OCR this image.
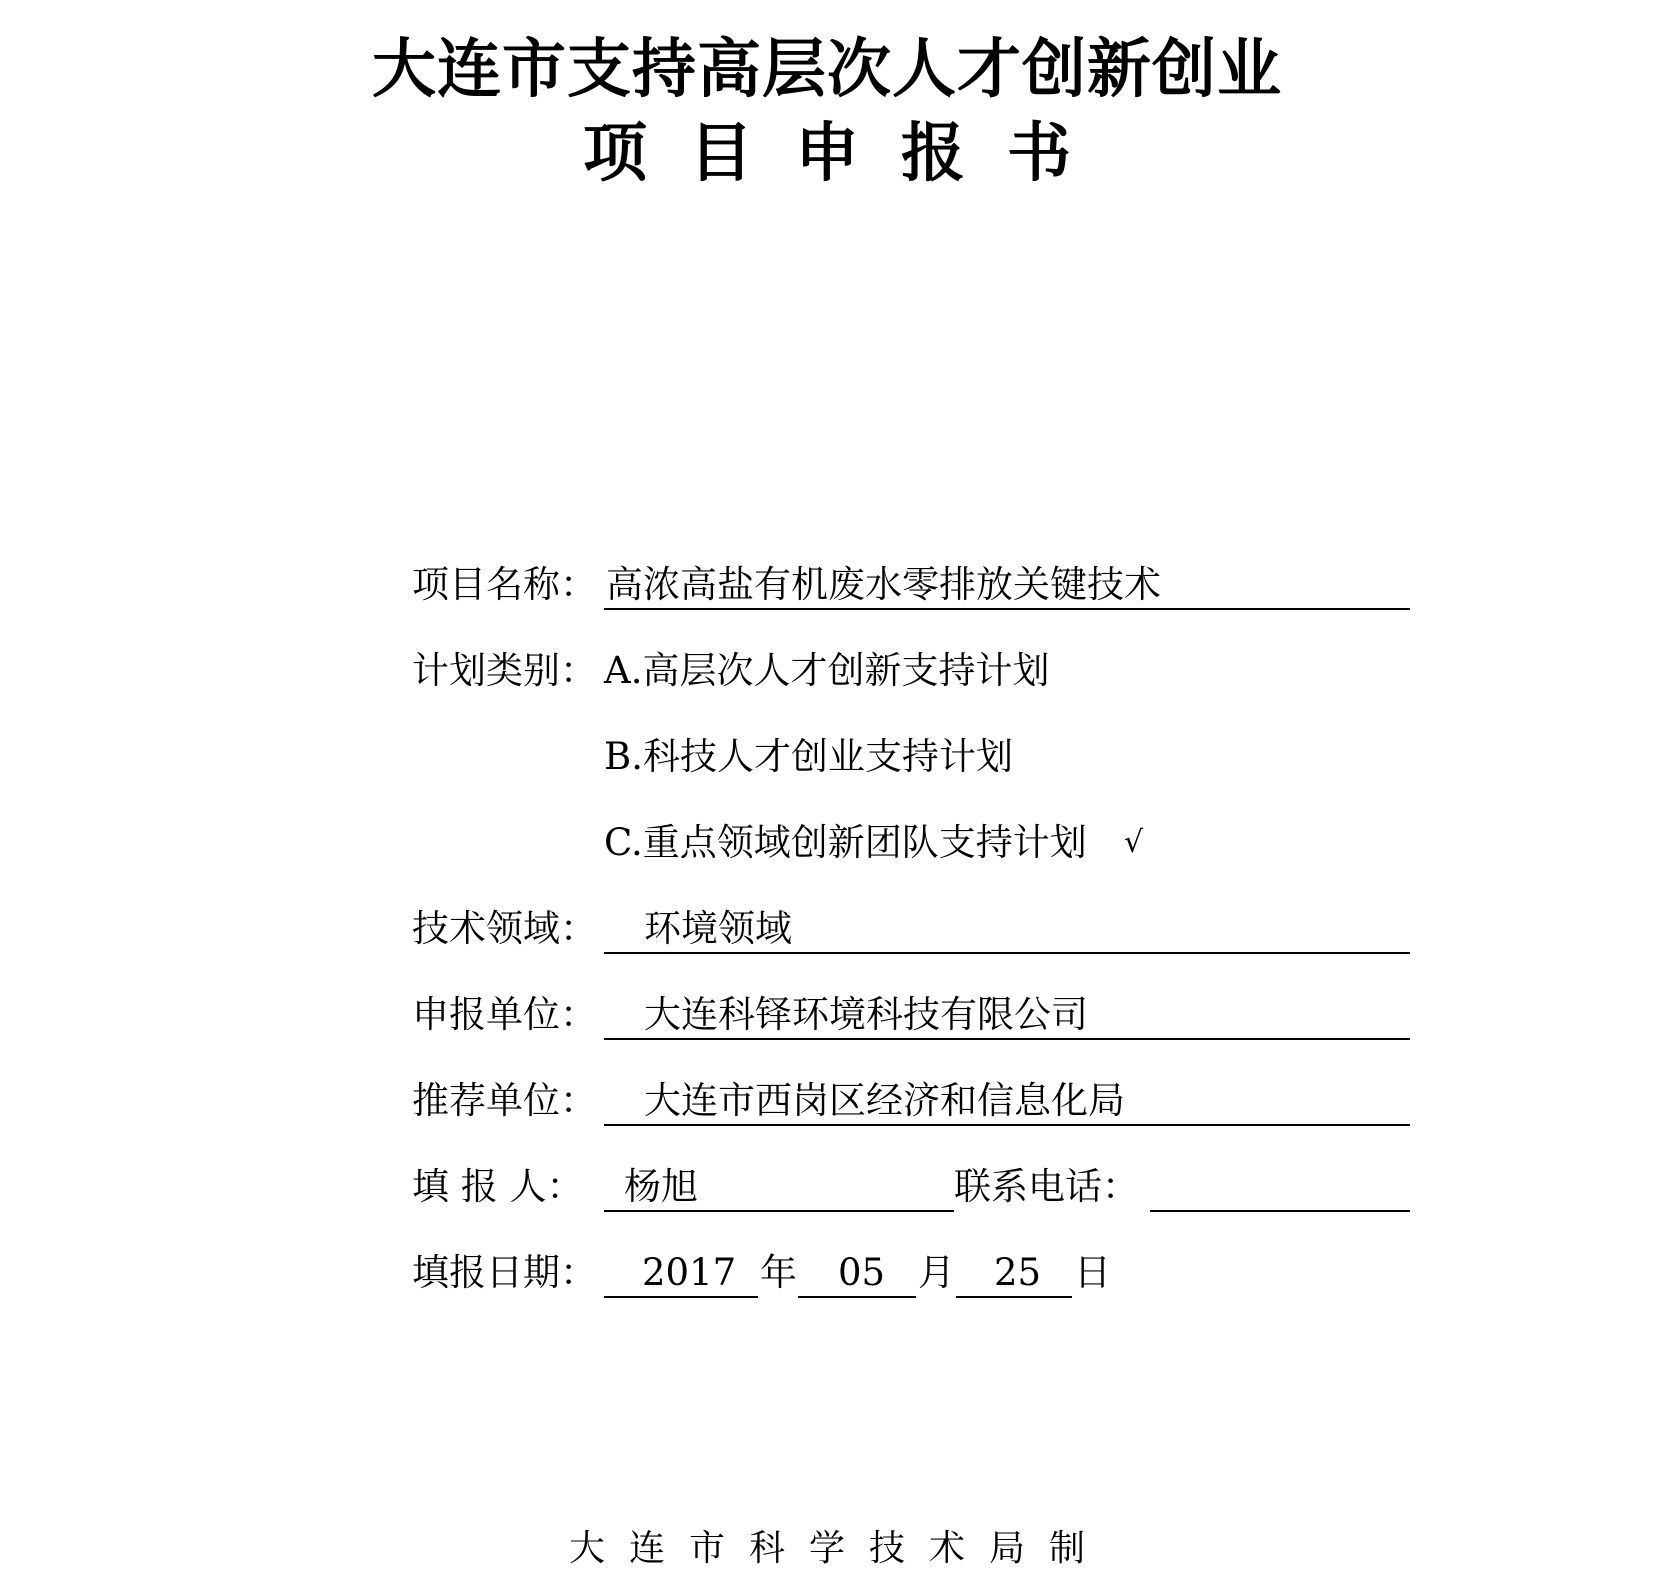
大连市支持高层次人才创新创业
项目申报书
项目名称： 高浓高盐有机废水零排放关键技术
计划类别： A.高层次人才创新支持计划
B.科技人才创业支持计划
C.重点领域创新团队支持计划 √
技术领域： 环境领域
申报单位： 大连科铎环境科技有限公司
推荐单位： 大连市西岗区经济和信息化局
填 报 人： 杨旭	联系电话：
填报日期： 2017 年 05 月 25 日
大连市科学技术局制
